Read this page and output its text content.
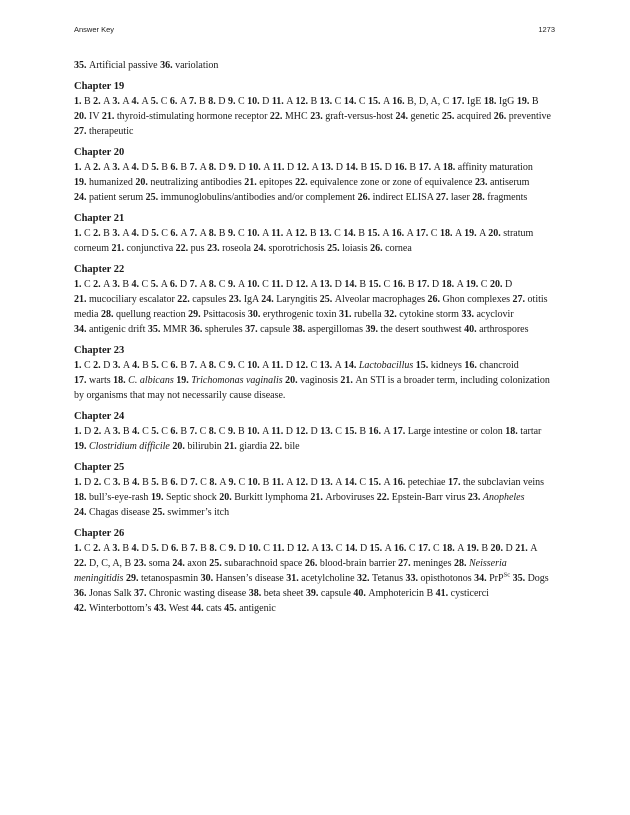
Answer Key	1273

35. Artificial passive 36. variolation

Chapter 19

1. B 2. A 3. A 4. A 5. C 6. A 7. B 8. D 9. C 10. D 11. A 12. B 13. C 14. C 15. A 16. B, D, A, C 17. IgE 18. IgG 19. B 20. IV 21. thyroid-stimulating hormone receptor 22. MHC 23. graft-versus-host 24. genetic 25. acquired 26. preventive 27. therapeutic

Chapter 20

1. A 2. A 3. A 4. D 5. B 6. B 7. A 8. D 9. D 10. A 11. D 12. A 13. D 14. B 15. D 16. B 17. A 18. affinity maturation 19. humanized 20. neutralizing antibodies 21. epitopes 22. equivalence zone or zone of equivalence 23. antiserum 24. patient serum 25. immunoglobulins/antibodies and/or complement 26. indirect ELISA 27. laser 28. fragments

Chapter 21

1. C 2. B 3. A 4. D 5. C 6. A 7. A 8. B 9. C 10. A 11. A 12. B 13. C 14. B 15. A 16. A 17. C 18. A 19. A 20. stratum corneum 21. conjunctiva 22. pus 23. roseola 24. sporotrichosis 25. loiasis 26. cornea

Chapter 22

1. C 2. A 3. B 4. C 5. A 6. D 7. A 8. C 9. A 10. C 11. D 12. A 13. D 14. B 15. C 16. B 17. D 18. A 19. C 20. D 21. mucociliary escalator 22. capsules 23. IgA 24. Laryngitis 25. Alveolar macrophages 26. Ghon complexes 27. otitis media 28. quellung reaction 29. Psittacosis 30. erythrogenic toxin 31. rubella 32. cytokine storm 33. acyclovir 34. antigenic drift 35. MMR 36. spherules 37. capsule 38. aspergillomas 39. the desert southwest 40. arthrospores

Chapter 23

1. C 2. D 3. A 4. B 5. C 6. B 7. A 8. C 9. C 10. A 11. D 12. C 13. A 14. Lactobacillus 15. kidneys 16. chancroid 17. warts 18. C. albicans 19. Trichomonas vaginalis 20. vaginosis 21. An STI is a broader term, including colonization by organisms that may not necessarily cause disease.

Chapter 24

1. D 2. A 3. B 4. C 5. C 6. B 7. C 8. C 9. B 10. A 11. D 12. D 13. C 15. B 16. A 17. Large intestine or colon 18. tartar 19. Clostridium difficile 20. bilirubin 21. giardia 22. bile

Chapter 25

1. D 2. C 3. B 4. B 5. B 6. D 7. C 8. A 9. C 10. B 11. A 12. D 13. A 14. C 15. A 16. petechiae 17. the subclavian veins 18. bull’s-eye-rash 19. Septic shock 20. Burkitt lymphoma 21. Arboviruses 22. Epstein-Barr virus 23. Anopheles 24. Chagas disease 25. swimmer’s itch

Chapter 26

1. C 2. A 3. B 4. D 5. D 6. B 7. B 8. C 9. D 10. C 11. D 12. A 13. C 14. D 15. A 16. C 17. C 18. A 19. B 20. D 21. A 22. D, C, A, B 23. soma 24. axon 25. subarachnoid space 26. blood-brain barrier 27. meninges 28. Neisseria meningitidis 29. tetanospasmin 30. Hansen’s disease 31. acetylcholine 32. Tetanus 33. opisthotonos 34. PrP$^{Sc}$ 35. Dogs 36. Jonas Salk 37. Chronic wasting disease 38. beta sheet 39. capsule 40. Amphotericin B 41. cysticerci 42. Winterbottom’s 43. West 44. cats 45. antigenic
